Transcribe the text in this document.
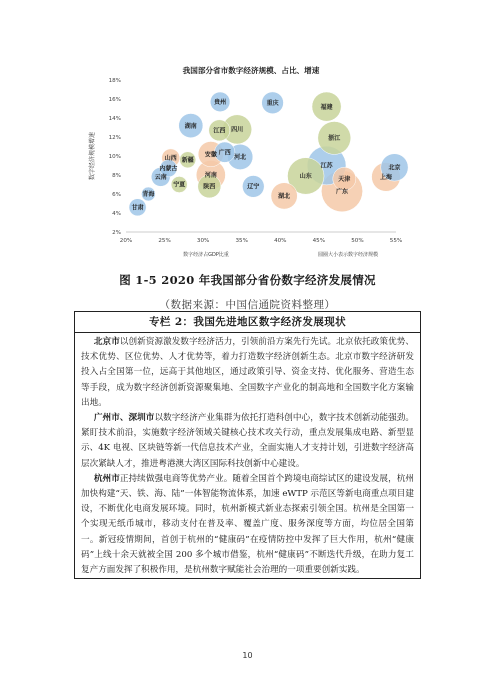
我国部分省市数字经济规模、占比、增速
20%	25%	30%	35%	40%	45%	50%	55%
2%
4%
6%
8%
10%
12%
14%
16%
18%
数字经济占GDP比重	圆圈大小表示数字经济规模
数字经济规模增速
贵州	重庆
福建
湖南
江西 四川
浙江
广西
安徽	河北
山西 新疆
内蒙古
河南
云南
宁夏	陕西
江苏
山东	天津
北京
上海
辽宁
湖北
广东
青海
甘肃
图 1-5 2020 年我国部分省份数字经济发展情况
（数据来源：中国信通院资料整理）
专栏 2：我国先进地区数字经济发展现状

北京市以创新资源激发数字经济活力，引领前沿方案先行先试。北京依托政策优势、技术优势、区位优势、人才优势等，着力打造数字经济创新生态。北京市数字经济研发投入占全国第一位，远高于其他地区，通过政策引导、资金支持、优化服务、营造生态等手段，成为数字经济创新资源聚集地、全国数字产业化的制高地和全国数字化方案输出地。

广州市、深圳市以数字经济产业集群为依托打造科创中心，数字技术创新动能强劲。紧盯技术前沿，实施数字经济领域关键核心技术攻关行动，重点发展集成电路、新型显示、4K 电视、区块链等新一代信息技术产业，全面实施人才支持计划，引进数字经济高层次紧缺人才，推进粤港澳大湾区国际科技创新中心建设。

杭州市正持续做强电商等优势产业。随着全国首个跨境电商综试区的建设发展，杭州加快构建“天、铁、海、陆”一体智能物流体系，加速 eWTP 示范区等新电商重点项目建设，不断优化电商发展环境。同时，杭州新模式新业态探索引领全国。杭州是全国第一个实现无纸币城市，移动支付在普及率、覆盖广度、服务深度等方面，均位居全国第一。新冠疫情期间，首创于杭州的“健康码”在疫情防控中发挥了巨大作用，杭州“健康码”上线十余天就被全国 200 多个城市借鉴，杭州“健康码”不断迭代升级，在助力复工复产方面发挥了积极作用，是杭州数字赋能社会治理的一项重要创新实践。

10
